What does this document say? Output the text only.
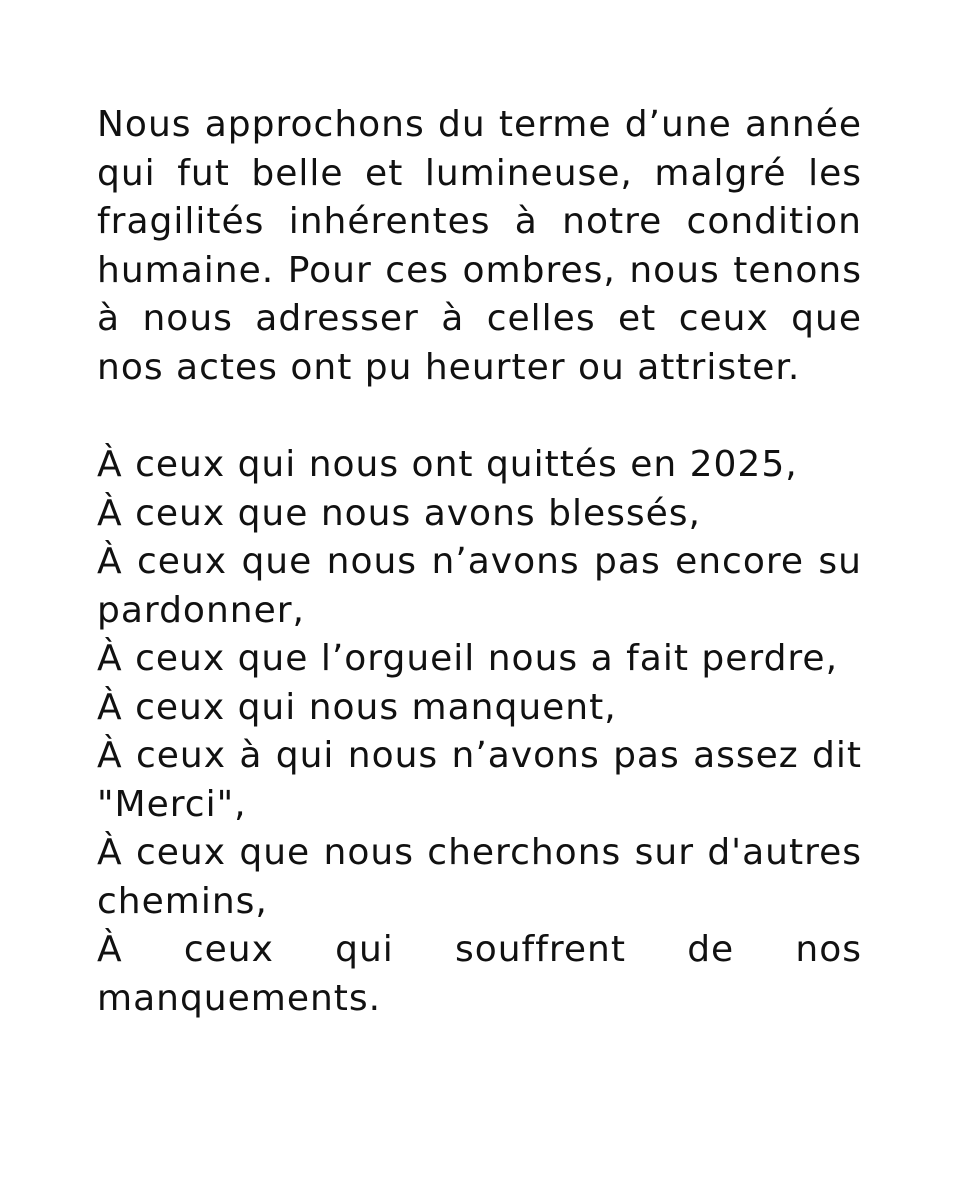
Nous approchons du terme d’une année qui fut belle et lumineuse, malgré les fragilités inhérentes à notre condition humaine. Pour ces ombres, nous tenons à nous adresser à celles et ceux que nos actes ont pu heurter ou attrister.

À ceux qui nous ont quittés en 2025,
À ceux que nous avons blessés,
À ceux que nous n’avons pas encore su pardonner,
À ceux que l’orgueil nous a fait perdre,
À ceux qui nous manquent,
À ceux à qui nous n’avons pas assez dit "Merci",
À ceux que nous cherchons sur d'autres chemins,
À ceux qui souffrent de nos manquements.
